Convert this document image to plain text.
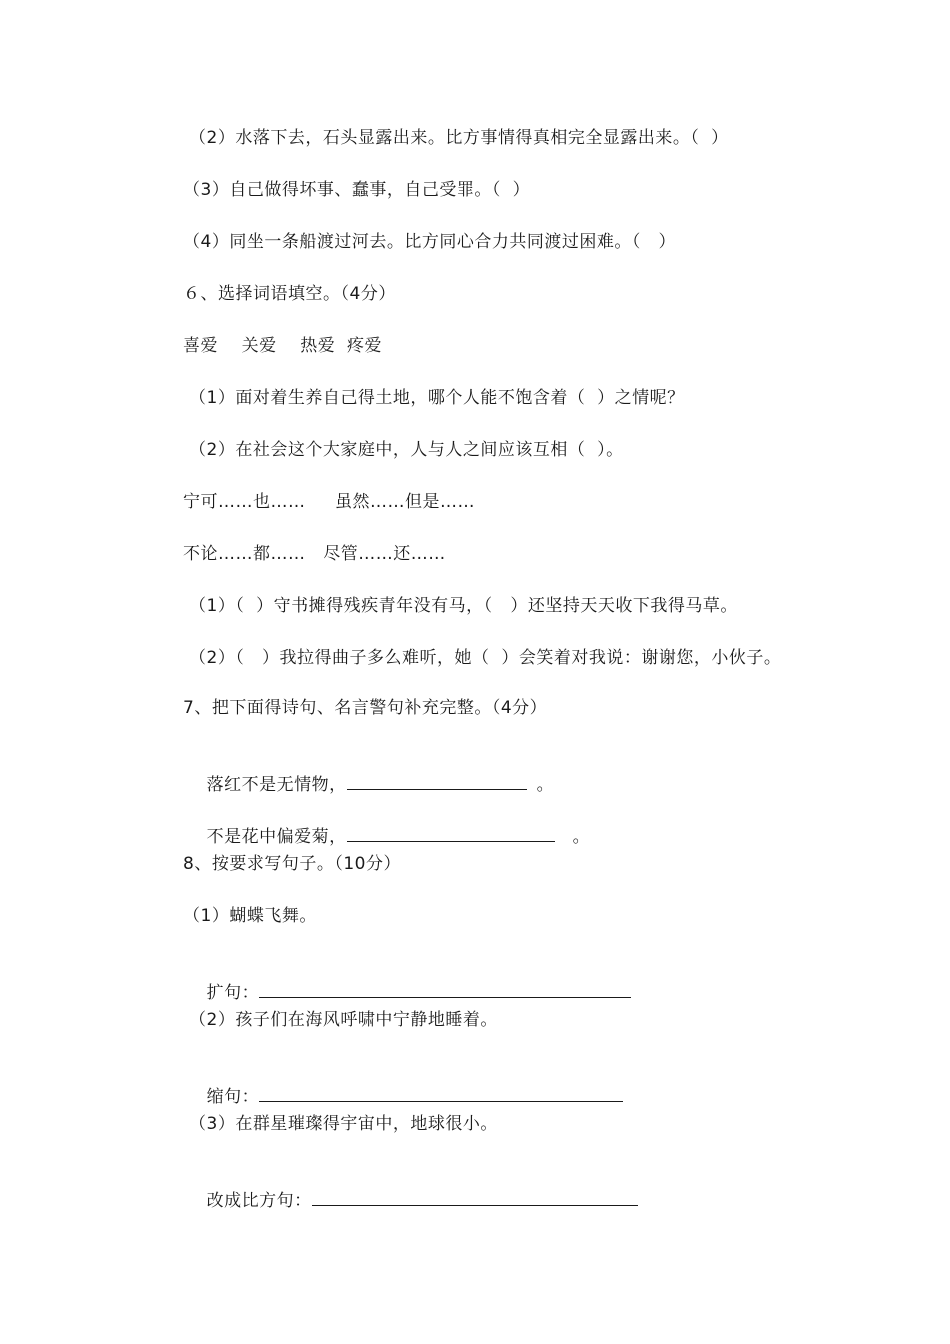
（2）水落下去，石头显露出来。比方事情得真相完全显露出来。（  ）
（3）自己做得坏事、蠢事，自己受罪。（  ）
（4）同坐一条船渡过河去。比方同心合力共同渡过困难。（   ）
６、选择词语填空。（4分）
喜爱    关爱    热爱  疼爱
（1）面对着生养自己得土地，哪个人能不饱含着（  ）之情呢？
（2）在社会这个大家庭中，人与人之间应该互相（  ）。
宁可……也……     虽然……但是……
不论……都……   尽管……还……
（1）（  ）守书摊得残疾青年没有马，（   ）还坚持天天收下我得马草。
（2）（   ）我拉得曲子多么难听，她（  ）会笑着对我说：谢谢您，小伙子。
7、把下面得诗句、名言警句补充完整。（4分）

落红不是无情物，	。

不是花中偏爱菊，	。

8、按要求写句子。（10分）
（1）蝴蝶飞舞。

扩句：

（2）孩子们在海风呼啸中宁静地睡着。

缩句：

（3）在群星璀璨得宇宙中，地球很小。

改成比方句：
